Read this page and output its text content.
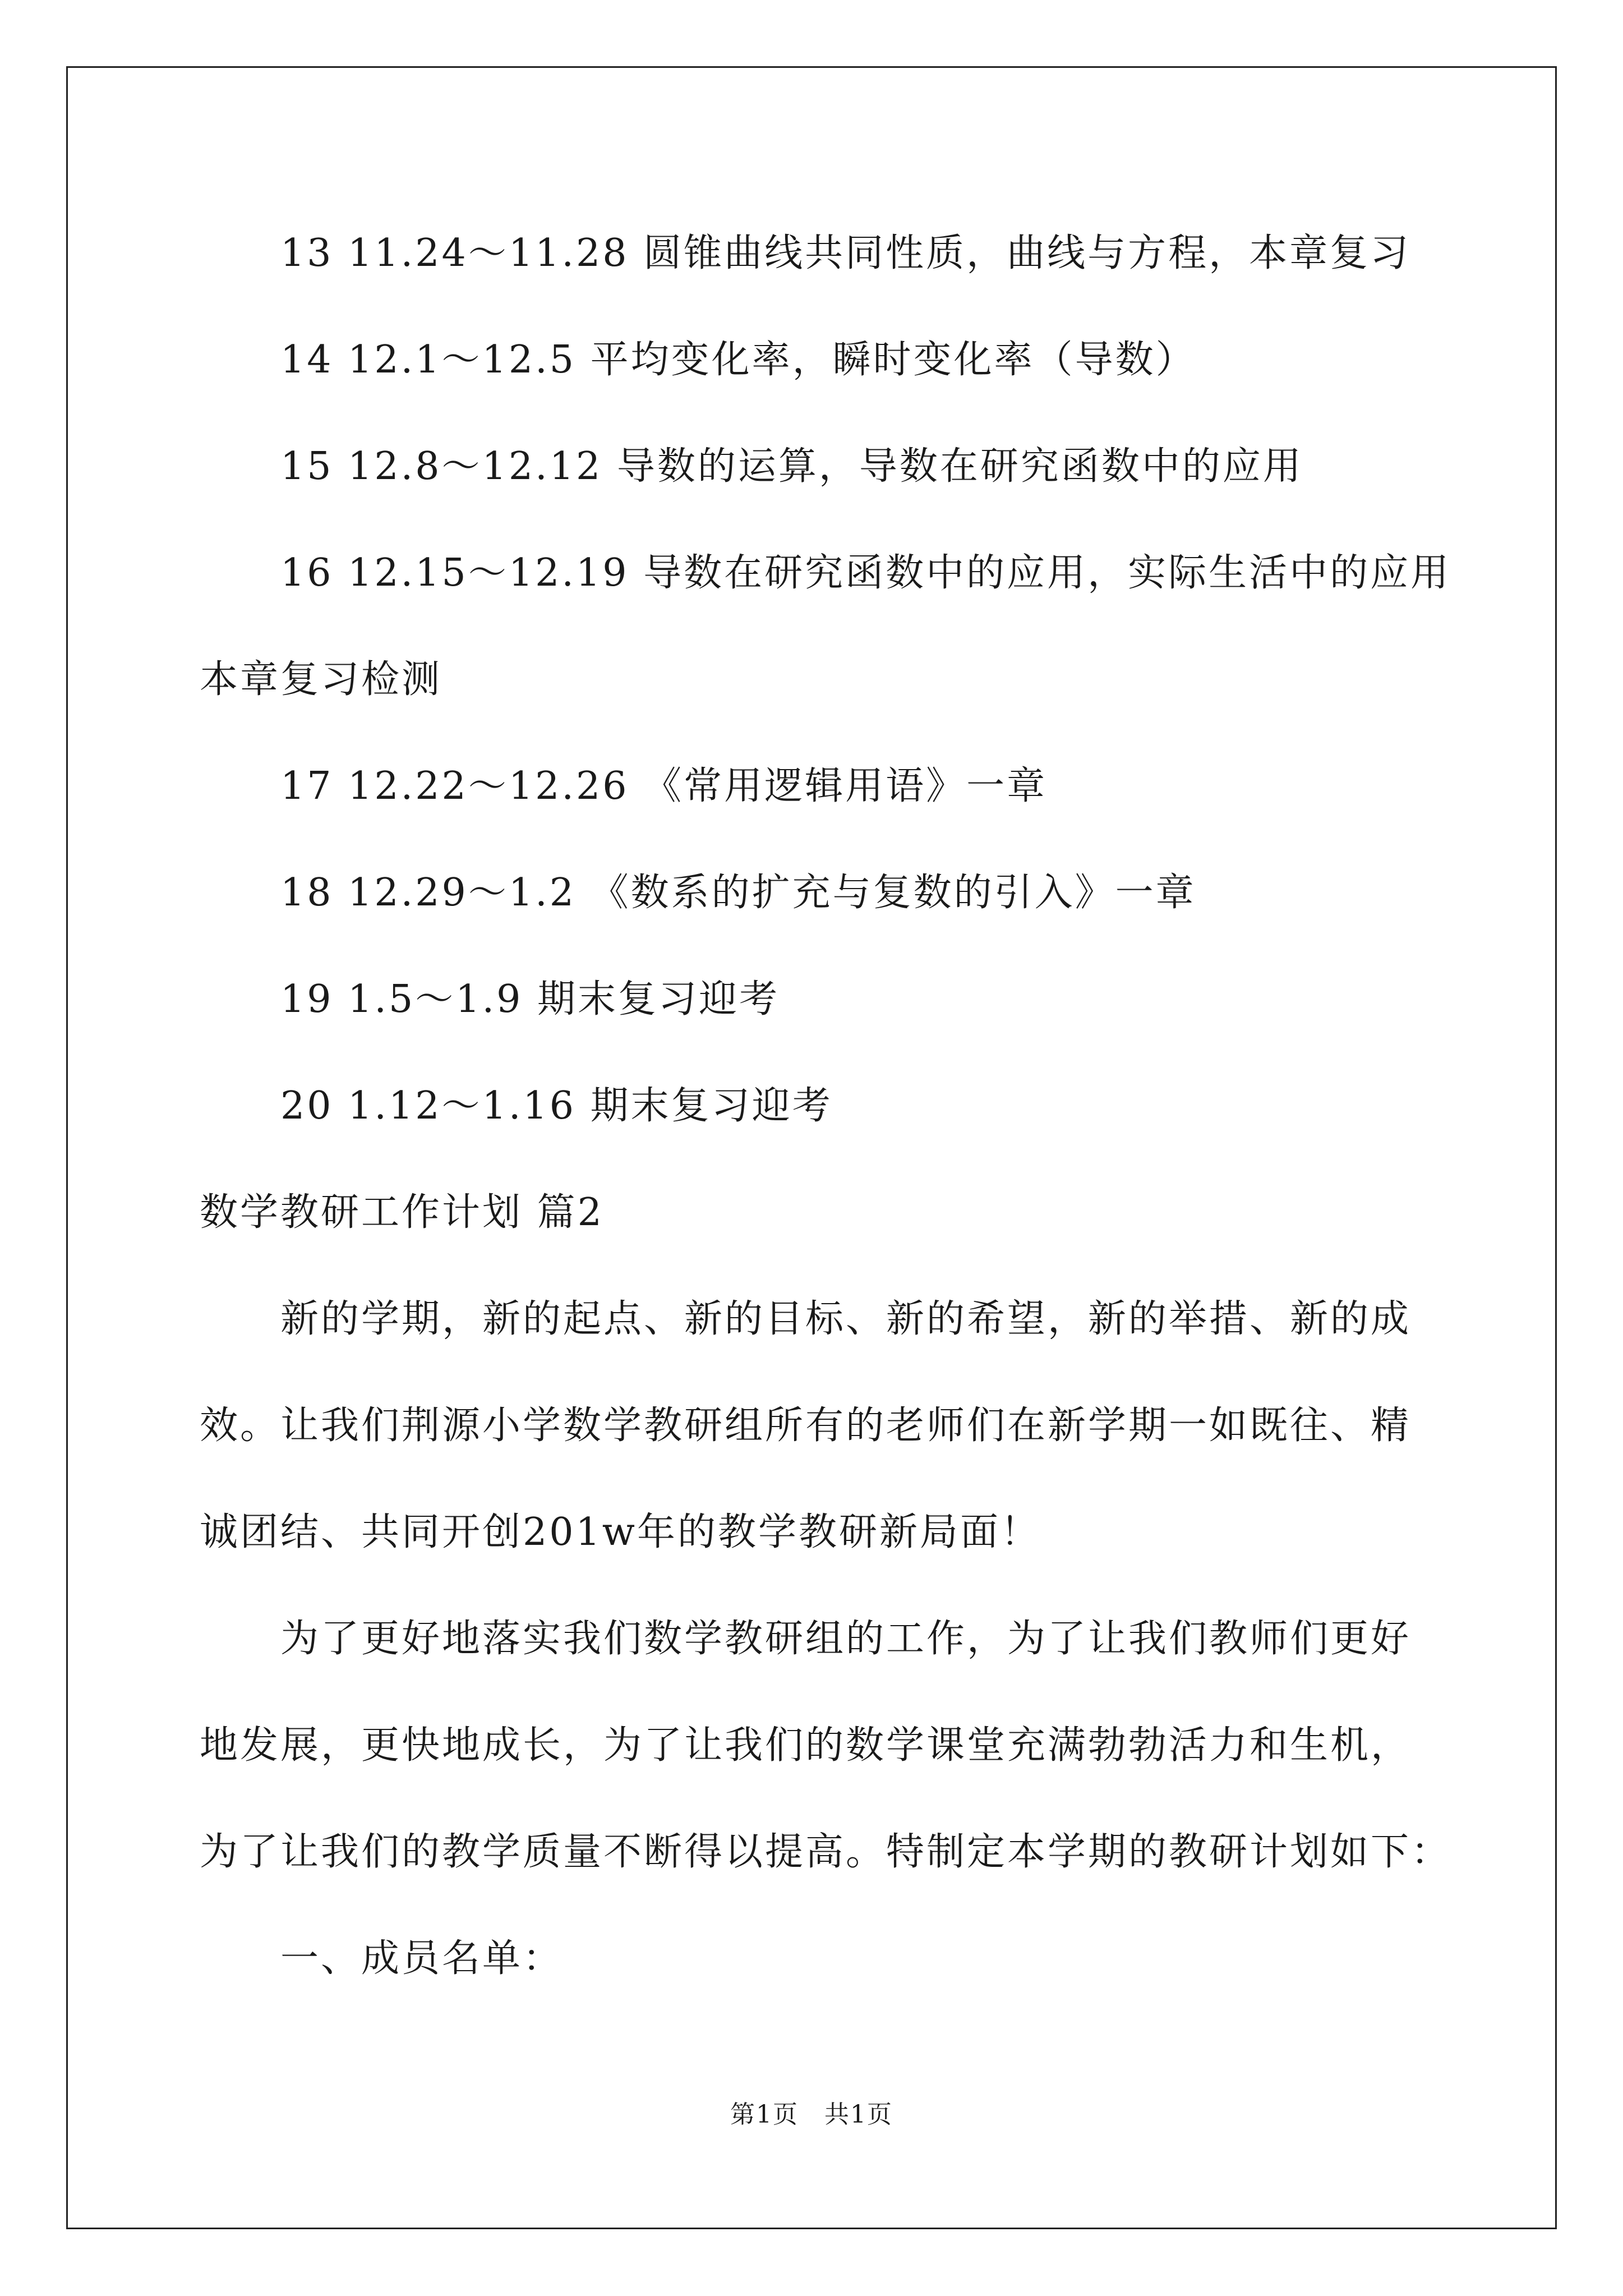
13 11.24～11.28 圆锥曲线共同性质，曲线与方程，本章复习
14 12.1～12.5 平均变化率，瞬时变化率（导数）
15 12.8～12.12 导数的运算，导数在研究函数中的应用
16 12.15～12.19 导数在研究函数中的应用，实际生活中的应用
本章复习检测
17 12.22～12.26 《常用逻辑用语》一章
18 12.29～1.2 《数系的扩充与复数的引入》一章
19 1.5～1.9 期末复习迎考
20 1.12～1.16 期末复习迎考
数学教研工作计划 篇2
新的学期，新的起点、新的目标、新的希望，新的举措、新的成
效。让我们荆源小学数学教研组所有的老师们在新学期一如既往、精
诚团结、共同开创201w年的教学教研新局面！
为了更好地落实我们数学教研组的工作，为了让我们教师们更好
地发展，更快地成长，为了让我们的数学课堂充满勃勃活力和生机，
为了让我们的教学质量不断得以提高。特制定本学期的教研计划如下：
一、成员名单：
第1页　共1页
